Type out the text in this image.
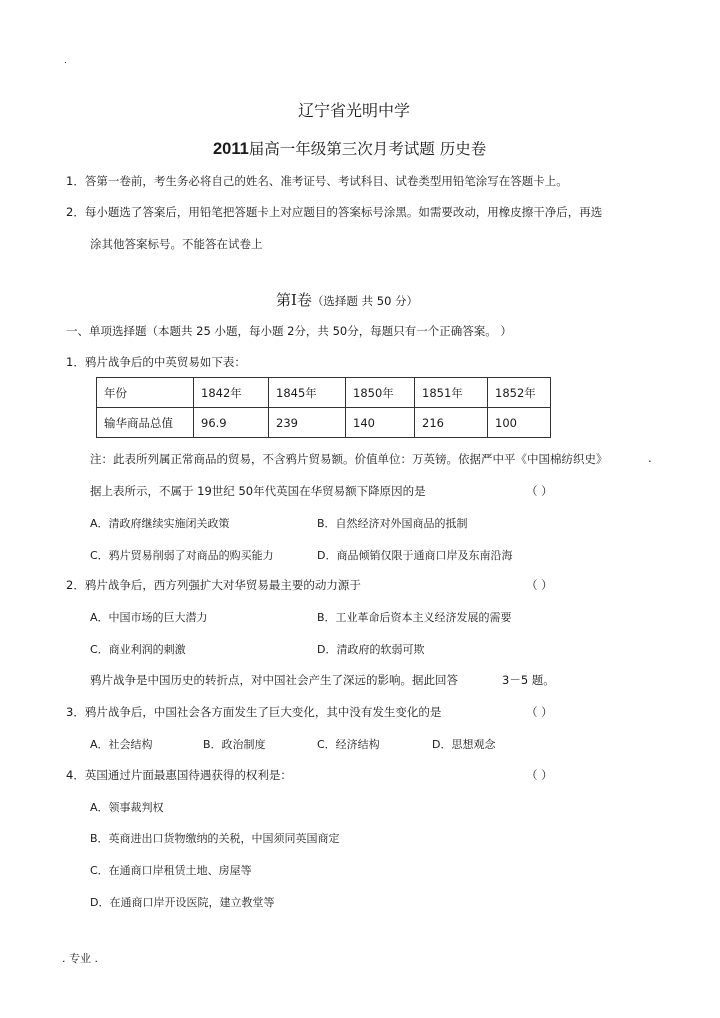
.
辽宁省光明中学
2011届高一年级第三次月考试题 历史卷
1．答第一卷前，考生务必将自己的姓名、准考证号、考试科目、试卷类型用铅笔涂写在答题卡上。
2．每小题选了答案后，用铅笔把答题卡上对应题目的答案标号涂黑。如需要改动，用橡皮擦干净后，再选
涂其他答案标号。不能答在试卷上
第Ⅰ卷（选择题 共 50 分）
一、单项选择题（本题共 25 小题，每小题 2分，共 50分，每题只有一个正确答案。 ）
1．鸦片战争后的中英贸易如下表：
年份	1842年	1845年	1850年	1851年	1852年
输华商品总值	96.9	239	140	216	100
注：此表所列属正常商品的贸易，不含鸦片贸易额。价值单位：万英镑。依据严中平《中国棉纺织史》	.
据上表所示，不属于 19世纪 50年代英国在华贸易额下降原因的是	（ ）
A．清政府继续实施闭关政策	B．自然经济对外国商品的抵制
C．鸦片贸易削弱了对商品的购买能力	D．商品倾销仅限于通商口岸及东南沿海
2．鸦片战争后，西方列强扩大对华贸易最主要的动力源于	（ ）
A．中国市场的巨大潜力	B．工业革命后资本主义经济发展的需要
C．商业利润的刺激	D．清政府的软弱可欺
鸦片战争是中国历史的转折点，对中国社会产生了深远的影响。据此回答	3－5 题。
3．鸦片战争后，中国社会各方面发生了巨大变化，其中没有发生变化的是	（ ）
A．社会结构	B．政治制度	C．经济结构	D．思想观念
4．英国通过片面最惠国待遇获得的权利是：	（ ）
A．领事裁判权
B．英商进出口货物缴纳的关税，中国须同英国商定
C．在通商口岸租赁土地、房屋等
D．在通商口岸开设医院，建立教堂等
. 专业 .
